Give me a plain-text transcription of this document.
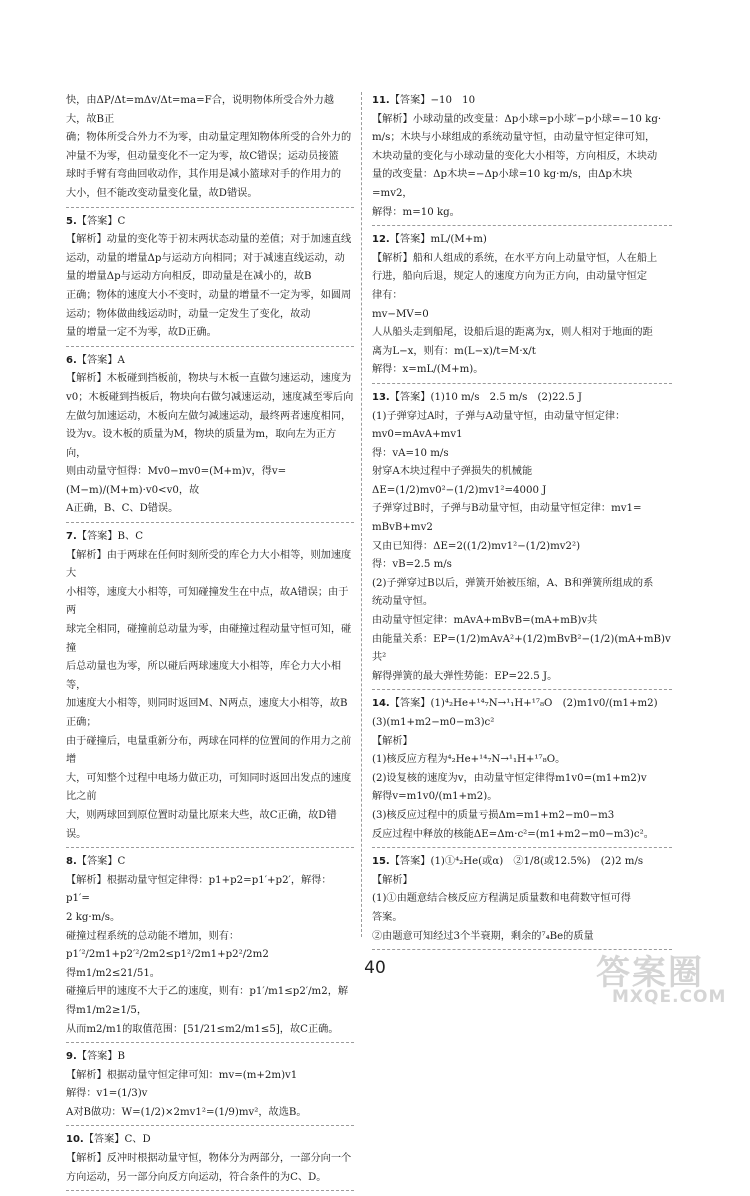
快，由ΔP/Δt=mΔv/Δt=ma=F合，说明物体所受合外力越大，故B正

确；物体所受合外力不为零，由动量定理知物体所受的合外力的

冲量不为零，但动量变化不一定为零，故C错误；运动员接篮

球时手臂有弯曲回收动作，其作用是减小篮球对手的作用力的

大小，但不能改变动量变化量，故D错误。

5.【答案】C

【解析】动量的变化等于初末两状态动量的差值；对于加速直线

运动，动量的增量Δp与运动方向相同；对于减速直线运动，动

量的增量Δp与运动方向相反，即动量是在减小的，故B

正确；物体的速度大小不变时，动量的增量不一定为零，如圆周

运动；物体做曲线运动时，动量一定发生了变化，故动

量的增量一定不为零，故D正确。

6.【答案】A

【解析】木板碰到挡板前，物块与木板一直做匀速运动，速度为

v0；木板碰到挡板后，物块向右做匀减速运动，速度减至零后向

左做匀加速运动，木板向左做匀减速运动，最终两者速度相同，

设为v。设木板的质量为M，物块的质量为m，取向左为正方向，

则由动量守恒得：Mv0−mv0=(M+m)v，得v=(M−m)/(M+m)·v0<v0，故

A正确，B、C、D错误。

7.【答案】B、C

【解析】由于两球在任何时刻所受的库仑力大小相等，则加速度大

小相等，速度大小相等，可知碰撞发生在中点，故A错误；由于两

球完全相同，碰撞前总动量为零，由碰撞过程动量守恒可知，碰撞

后总动量也为零，所以碰后两球速度大小相等，库仑力大小相等，

加速度大小相等，则同时返回M、N两点，速度大小相等，故B正确；

由于碰撞后，电量重新分布，两球在同样的位置间的作用力之前增

大，可知整个过程中电场力做正功，可知同时返回出发点的速度比之前

大，则两球回到原位置时动量比原来大些，故C正确，故D错误。

8.【答案】C

【解析】根据动量守恒定律得：p1+p2=p1′+p2′，解得：p1′=

2 kg·m/s。

碰撞过程系统的总动能不增加，则有：p1′²/2m1+p2′²/2m2≤p1²/2m1+p2²/2m2

得m1/m2≤21/51。

碰撞后甲的速度不大于乙的速度，则有：p1′/m1≤p2′/m2，解得m1/m2≥1/5，

从而m2/m1的取值范围：[51/21≤m2/m1≤5]，故C正确。

9.【答案】B

【解析】根据动量守恒定律可知：mv=(m+2m)v1

解得：v1=(1/3)v

A对B做功：W=(1/2)×2mv1²=(1/9)mv²，故选B。

10.【答案】C、D

【解析】反冲时根据动量守恒，物体分为两部分，一部分向一个

方向运动，另一部分向反方向运动，符合条件的为C、D。

11.【答案】−10　10

【解析】小球动量的改变量：Δp小球=p小球′−p小球=−10 kg·

m/s；木块与小球组成的系统动量守恒，由动量守恒定律可知，

木块动量的变化与小球动量的变化大小相等，方向相反，木块动

量的改变量：Δp木块=−Δp小球=10 kg·m/s，由Δp木块=mv2，

解得：m=10 kg。

12.【答案】mL/(M+m)

【解析】船和人组成的系统，在水平方向上动量守恒，人在船上

行进，船向后退，规定人的速度方向为正方向，由动量守恒定

律有：

mv−MV=0

人从船头走到船尾，设船后退的距离为x，则人相对于地面的距

离为L−x，则有：m(L−x)/t=M·x/t

解得：x=mL/(M+m)。

13.【答案】(1)10 m/s　2.5 m/s　(2)22.5 J

(1)子弹穿过A时，子弹与A动量守恒，由动量守恒定律：

mv0=mAvA+mv1

得：vA=10 m/s

射穿A木块过程中子弹损失的机械能

ΔE=(1/2)mv0²−(1/2)mv1²=4000 J

子弹穿过B时，子弹与B动量守恒，由动量守恒定律：mv1=

mBvB+mv2

又由已知得：ΔE=2((1/2)mv1²−(1/2)mv2²)

得：vB=2.5 m/s

(2)子弹穿过B以后，弹簧开始被压缩，A、B和弹簧所组成的系

统动量守恒。

由动量守恒定律：mAvA+mBvB=(mA+mB)v共

由能量关系：EP=(1/2)mAvA²+(1/2)mBvB²−(1/2)(mA+mB)v共²

解得弹簧的最大弹性势能：EP=22.5 J。

14.【答案】(1)⁴₂He+¹⁴₇N→¹₁H+¹⁷₈O　(2)m1v0/(m1+m2)

(3)(m1+m2−m0−m3)c²

【解析】

(1)核反应方程为⁴₂He+¹⁴₇N→¹₁H+¹⁷₈O。

(2)设复核的速度为v，由动量守恒定律得m1v0=(m1+m2)v

解得v=m1v0/(m1+m2)。

(3)核反应过程中的质量亏损Δm=m1+m2−m0−m3

反应过程中释放的核能ΔE=Δm·c²=(m1+m2−m0−m3)c²。

15.【答案】(1)①⁴₂He(或α)　②1/8(或12.5%)　(2)2 m/s

【解析】

(1)①由题意结合核反应方程满足质量数和电荷数守恒可得

答案。

②由题意可知经过3个半衰期，剩余的⁷₄Be的质量

40	答案圈
MXQE.COM
